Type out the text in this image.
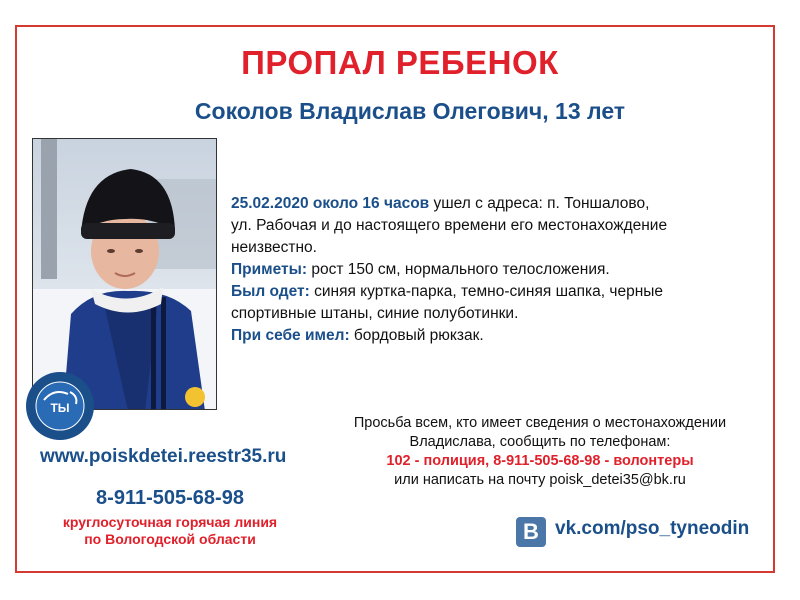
ПРОПАЛ РЕБЕНОК
Соколов Владислав Олегович, 13 лет
ТЫ

25.02.2020 около 16 часов ушел с адреса: п. Тоншалово,

ул. Рабочая и до настоящего времени его местонахождение

неизвестно.

Приметы: рост 150 см, нормального телосложения.

Был одет: синяя куртка-парка, темно-синяя шапка, черные

спортивные штаны, синие полуботинки.

При себе имел: бордовый рюкзак.

www.poiskdetei.reestr35.ru
8-911-505-68-98
круглосуточная горячая линия
по Вологодской области
Просьба всем, кто имеет сведения о местонахождении
Владислава, сообщить по телефонам:
102 - полиция, 8-911-505-68-98 - волонтеры
или написать на почту poisk_detei35@bk.ru
В vk.com/pso_tyneodin
